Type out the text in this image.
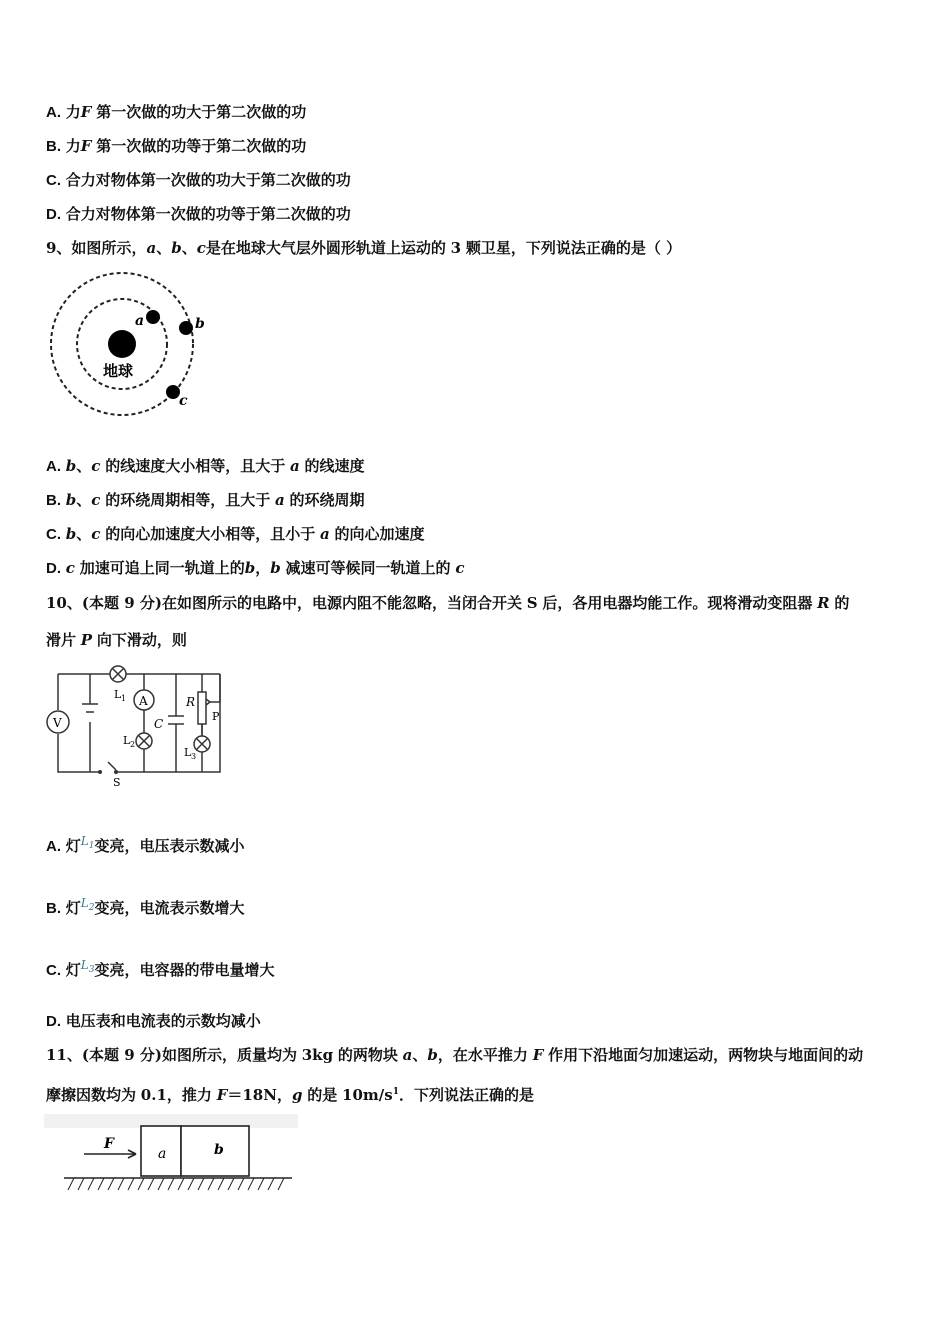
A. 力F 第一次做的功大于第二次做的功
B. 力F 第一次做的功等于第二次做的功
C. 合力对物体第一次做的功大于第二次做的功
D. 合力对物体第一次做的功等于第二次做的功
9、如图所示，a、b、c是在地球大气层外圆形轨道上运动的 3 颗卫星，下列说法正确的是（ ）
地球
a	b
c
A. b、c 的线速度大小相等，且大于 a 的线速度
B. b、c 的环绕周期相等，且大于 a 的环绕周期
C. b、c 的向心加速度大小相等，且小于 a 的向心加速度
D. c 加速可追上同一轨道上的b，b 减速可等候同一轨道上的 c
10、(本题 9 分)在如图所示的电路中，电源内阻不能忽略，当闭合开关 S 后，各用电器均能工作。现将滑动变阻器 R 的
滑片 P 向下滑动，则
V
A
L 1
L 2
L 3
C
R
P
S
A. 灯$^{L_1}$变亮，电压表示数减小
B. 灯$^{L_2}$变亮，电流表示数增大
C. 灯$^{L_3}$变亮，电容器的带电量增大
D. 电压表和电流表的示数均减小
11、(本题 9 分)如图所示，质量均为 3kg 的两物块 a、b，在水平推力 F 作用下沿地面匀加速运动，两物块与地面间的动
摩擦因数均为 0.1，推力 F＝18N，g 的是 $10m/s^1$．下列说法正确的是
F
a	b
